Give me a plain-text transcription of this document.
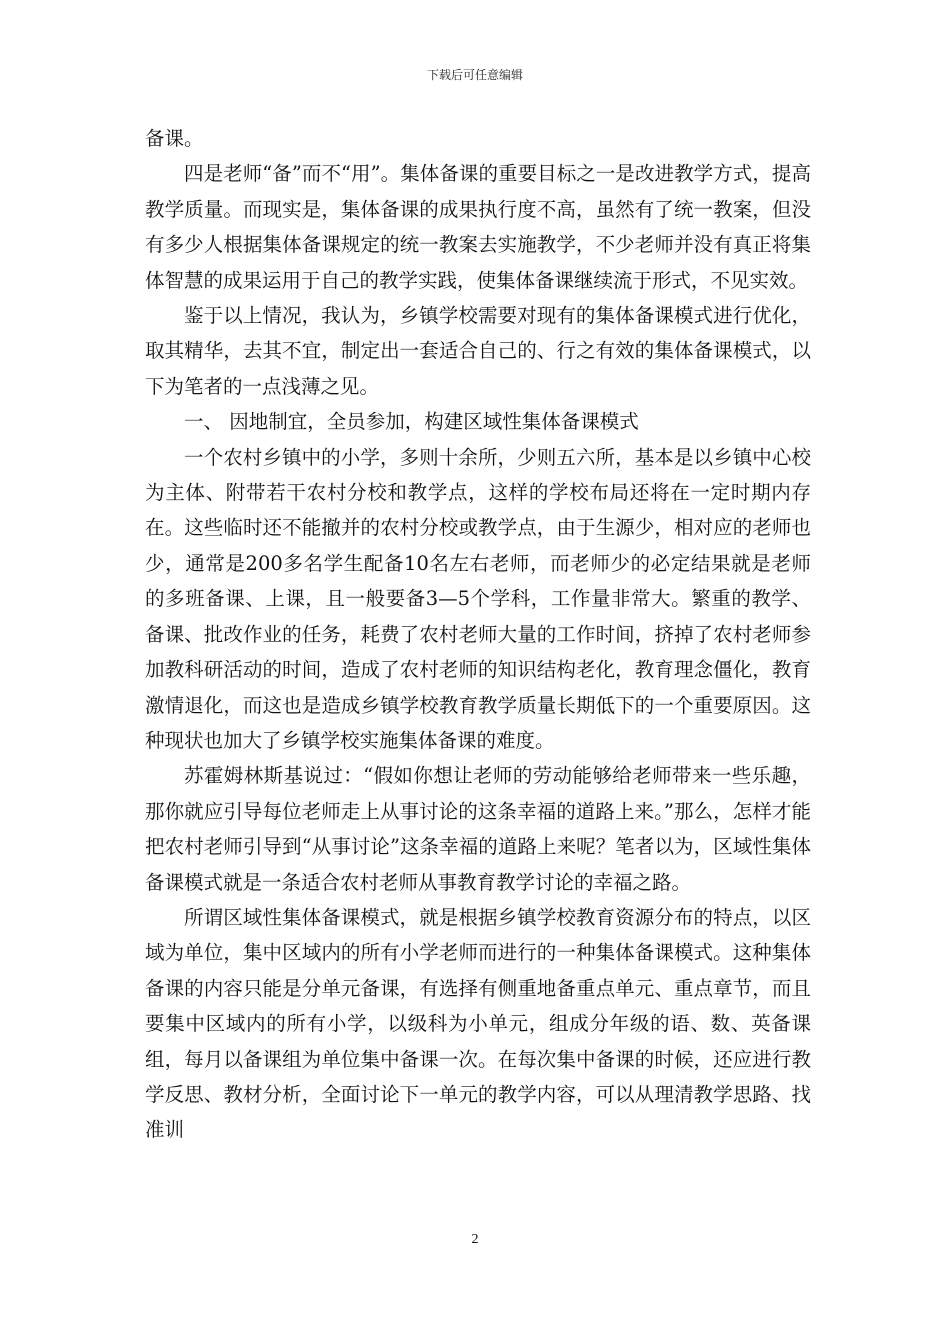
下载后可任意编辑

备课。

四是老师“备”而不“用”。集体备课的重要目标之一是改进教学方式，提高教学质量。而现实是，集体备课的成果执行度不高，虽然有了统一教案，但没有多少人根据集体备课规定的统一教案去实施教学，不少老师并没有真正将集体智慧的成果运用于自己的教学实践，使集体备课继续流于形式，不见实效。

鉴于以上情况，我认为，乡镇学校需要对现有的集体备课模式进行优化，取其精华，去其不宜，制定出一套适合自己的、行之有效的集体备课模式，以下为笔者的一点浅薄之见。

一、 因地制宜，全员参加，构建区域性集体备课模式

一个农村乡镇中的小学，多则十余所，少则五六所，基本是以乡镇中心校为主体、附带若干农村分校和教学点，这样的学校布局还将在一定时期内存在。这些临时还不能撤并的农村分校或教学点，由于生源少，相对应的老师也少，通常是200多名学生配备10名左右老师，而老师少的必定结果就是老师的多班备课、上课，且一般要备3—5个学科，工作量非常大。繁重的教学、备课、批改作业的任务，耗费了农村老师大量的工作时间，挤掉了农村老师参加教科研活动的时间，造成了农村老师的知识结构老化，教育理念僵化，教育激情退化，而这也是造成乡镇学校教育教学质量长期低下的一个重要原因。这种现状也加大了乡镇学校实施集体备课的难度。

苏霍姆林斯基说过：“假如你想让老师的劳动能够给老师带来一些乐趣，那你就应引导每位老师走上从事讨论的这条幸福的道路上来。”那么，怎样才能把农村老师引导到“从事讨论”这条幸福的道路上来呢？笔者以为，区域性集体备课模式就是一条适合农村老师从事教育教学讨论的幸福之路。

所谓区域性集体备课模式，就是根据乡镇学校教育资源分布的特点，以区域为单位，集中区域内的所有小学老师而进行的一种集体备课模式。这种集体备课的内容只能是分单元备课，有选择有侧重地备重点单元、重点章节，而且要集中区域内的所有小学，以级科为小单元，组成分年级的语、数、英备课组，每月以备课组为单位集中备课一次。在每次集中备课的时候，还应进行教学反思、教材分析，全面讨论下一单元的教学内容，可以从理清教学思路、找准训

2
